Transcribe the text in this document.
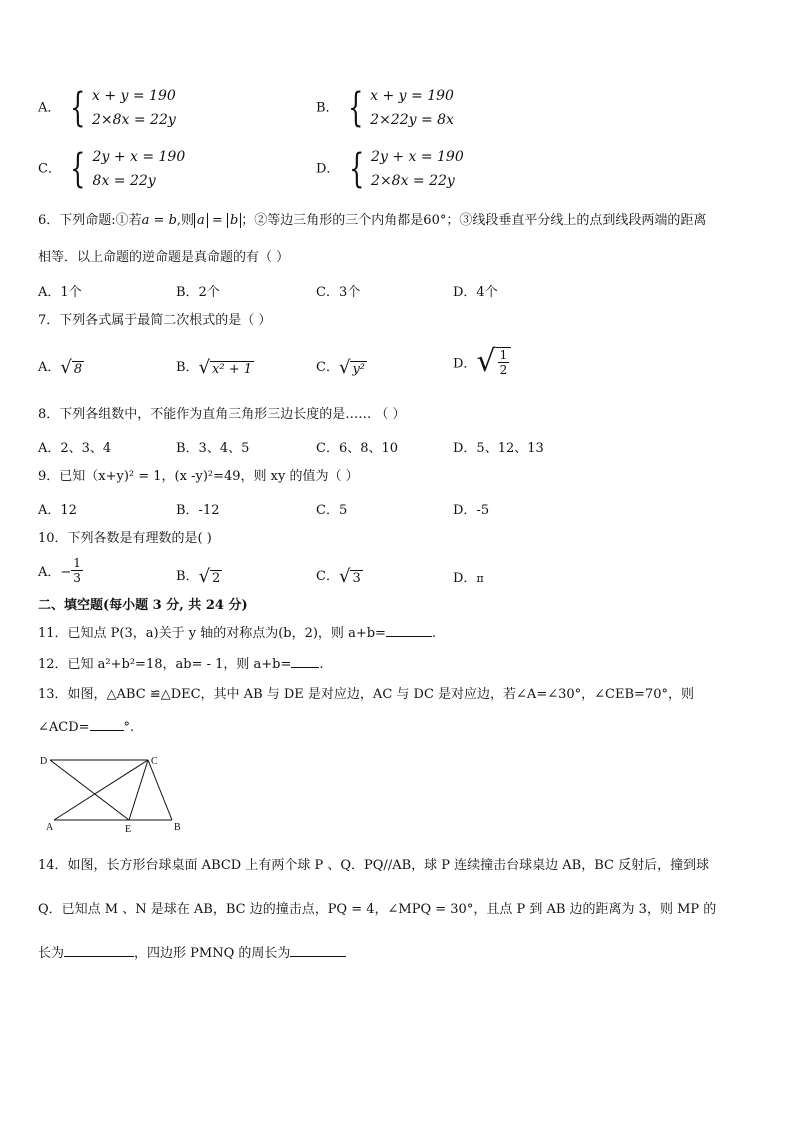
A． { x + y = 190
2×8x = 22y
B． { x + y = 190
2×22y = 8x
C． { 2y + x = 190
8x = 22y
D． { 2y + x = 190
2×8x = 22y
6．下列命题:①若a = b,则 a = b ；②等边三角形的三个内角都是60°；③线段垂直平分线上的点到线段两端的距离
相等．以上命题的逆命题是真命题的有（ ）
A．1个	B．2个	C．3个	D．4个
7．下列各式属于最简二次根式的是（ ）
A． √ 8	B． √ x² + 1	C． √ y²	D． √ $\frac{1}{2}$
8．下列各组数中，不能作为直角三角形三边长度的是…… （ ）
A．2、3、4	B．3、4、5	C．6、8、10	D．5、12、13
9．已知（x+y)² = 1，(x -y)²=49，则 xy 的值为（ ）
A．12	B．-12	C．5	D．-5
10．下列各数是有理数的是( )
A．− $\frac{1}{3}$	B． √ 2	C． √ 3	D．π
二、填空题(每小题 3 分, 共 24 分)
11．已知点 P(3，a)关于 y 轴的对称点为(b，2)，则 a+b=	.
12．已知 a²+b²=18，ab= - 1，则 a+b= .
13．如图，△ABC ≌△DEC，其中 AB 与 DE 是对应边，AC 与 DC 是对应边，若∠A=∠30°，∠CEB=70°，则
∠ACD=	°.
D	C
A	E	B
14．如图，长方形台球桌面 ABCD 上有两个球 P 、Q．PQ//AB，球 P 连续撞击台球桌边 AB，BC 反射后，撞到球
Q．已知点 M 、N 是球在 AB，BC 边的撞击点，PQ = 4，∠MPQ = 30°，且点 P 到 AB 边的距离为 3，则 MP 的
长为	，四边形 PMNQ 的周长为
